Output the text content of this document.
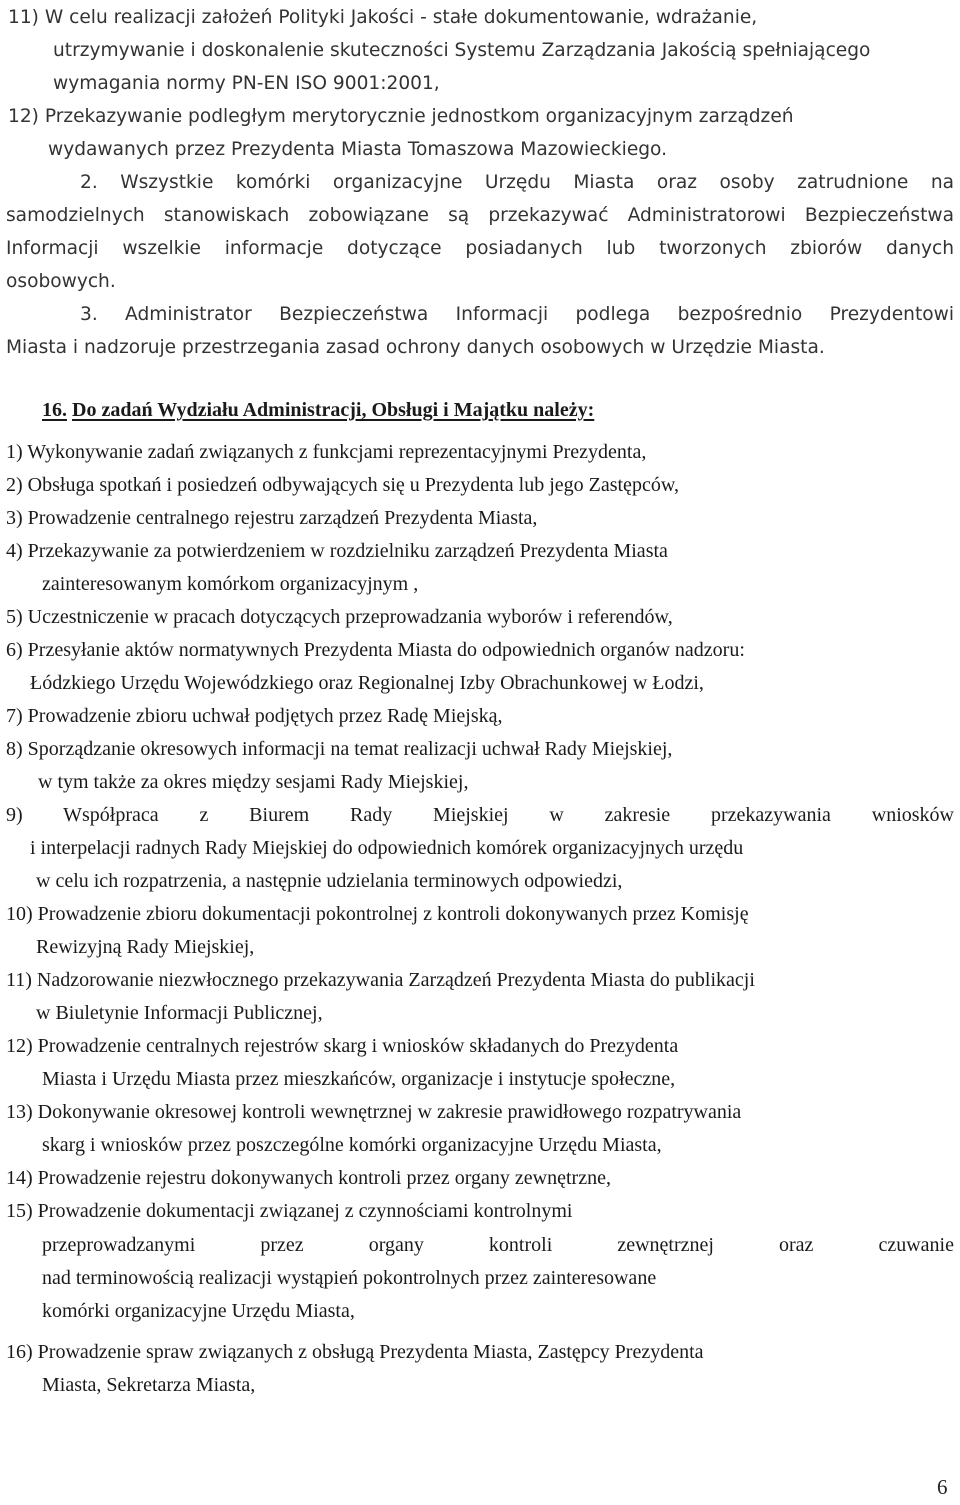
11) W celu realizacji założeń Polityki Jakości - stałe dokumentowanie, wdrażanie,
utrzymywanie i doskonalenie skuteczności Systemu Zarządzania Jakością spełniającego
wymagania normy PN-EN ISO 9001:2001,
12) Przekazywanie podległym merytorycznie jednostkom organizacyjnym zarządzeń
wydawanych przez Prezydenta Miasta Tomaszowa Mazowieckiego.
2. Wszystkie komórki organizacyjne Urzędu Miasta oraz osoby zatrudnione na
samodzielnych stanowiskach zobowiązane są przekazywać Administratorowi Bezpieczeństwa
Informacji wszelkie informacje dotyczące posiadanych lub tworzonych zbiorów danych
osobowych.
3. Administrator Bezpieczeństwa Informacji podlega bezpośrednio Prezydentowi
Miasta i nadzoruje przestrzegania zasad ochrony danych osobowych w Urzędzie Miasta.
16. Do zadań Wydziału Administracji, Obsługi i Majątku należy:
1) Wykonywanie zadań związanych z funkcjami reprezentacyjnymi Prezydenta,
2) Obsługa spotkań i posiedzeń odbywających się u Prezydenta lub jego Zastępców,
3) Prowadzenie centralnego rejestru zarządzeń Prezydenta Miasta,
4) Przekazywanie za potwierdzeniem w rozdzielniku zarządzeń Prezydenta Miasta
zainteresowanym komórkom organizacyjnym ,
5) Uczestniczenie w pracach dotyczących przeprowadzania wyborów i referendów,
6) Przesyłanie aktów normatywnych Prezydenta Miasta do odpowiednich organów nadzoru:
Łódzkiego Urzędu Wojewódzkiego oraz Regionalnej Izby Obrachunkowej w Łodzi,
7) Prowadzenie zbioru uchwał podjętych przez Radę Miejską,
8) Sporządzanie okresowych informacji na temat realizacji uchwał Rady Miejskiej,
w tym także za okres między sesjami Rady Miejskiej,
9) Współpraca z Biurem Rady Miejskiej w zakresie przekazywania wniosków
i interpelacji radnych Rady Miejskiej do odpowiednich komórek organizacyjnych urzędu
w celu ich rozpatrzenia, a następnie udzielania terminowych odpowiedzi,
10) Prowadzenie zbioru dokumentacji pokontrolnej z kontroli dokonywanych przez Komisję
Rewizyjną Rady Miejskiej,
11) Nadzorowanie niezwłocznego przekazywania Zarządzeń Prezydenta Miasta do publikacji
w Biuletynie Informacji Publicznej,
12) Prowadzenie centralnych rejestrów skarg i wniosków składanych do Prezydenta
Miasta i Urzędu Miasta przez mieszkańców, organizacje i instytucje społeczne,
13) Dokonywanie okresowej kontroli wewnętrznej w zakresie prawidłowego rozpatrywania
skarg i wniosków przez poszczególne komórki organizacyjne Urzędu Miasta,
14) Prowadzenie rejestru dokonywanych kontroli przez organy zewnętrzne,
15) Prowadzenie dokumentacji związanej z czynnościami kontrolnymi
przeprowadzanymi przez organy kontroli zewnętrznej oraz czuwanie
nad terminowością realizacji wystąpień pokontrolnych przez zainteresowane
komórki organizacyjne Urzędu Miasta,
16) Prowadzenie spraw związanych z obsługą Prezydenta Miasta, Zastępcy Prezydenta
Miasta, Sekretarza Miasta,
6
